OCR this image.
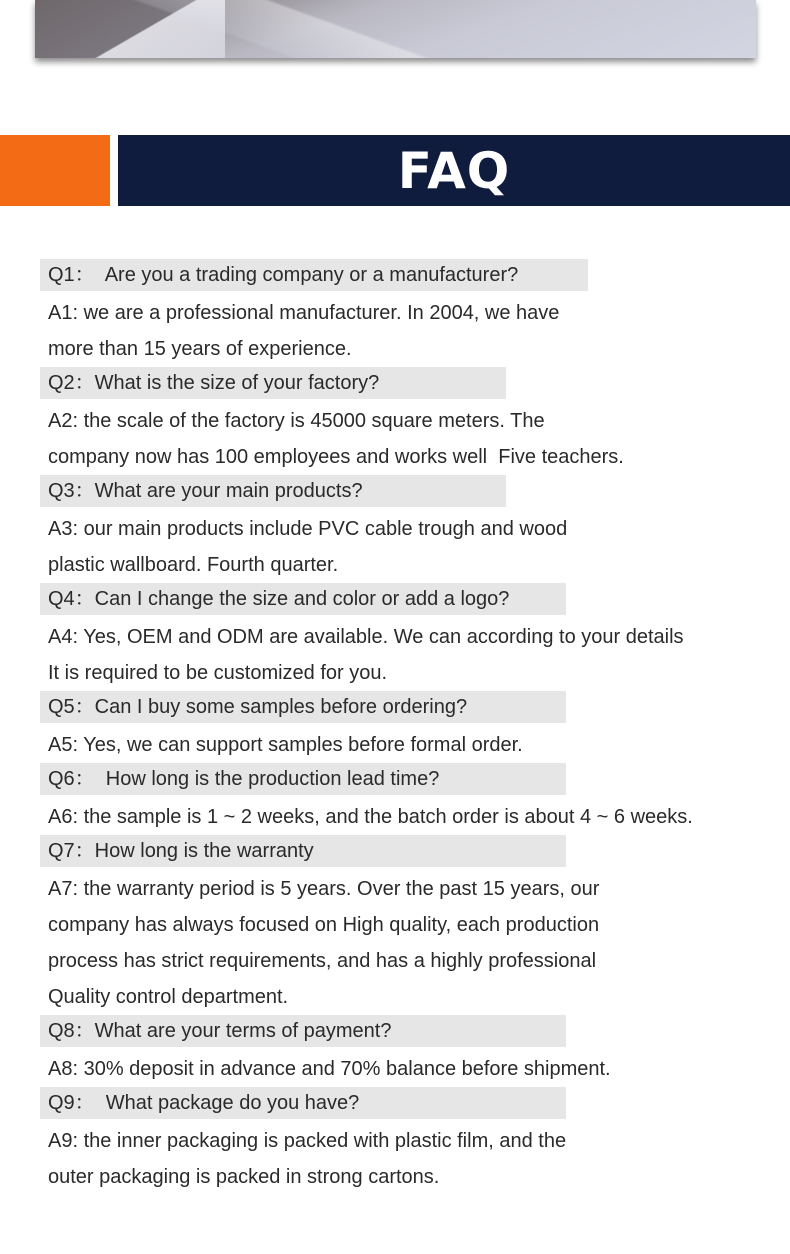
FAQ
Q1：  Are you a trading company or a manufacturer?
A1: we are a professional manufacturer. In 2004, we have
more than 15 years of experience.
Q2：What is the size of your factory?
A2: the scale of the factory is 45000 square meters. The
company now has 100 employees and works well  Five teachers.
Q3：What are your main products?
A3: our main products include PVC cable trough and wood
plastic wallboard. Fourth quarter.
Q4：Can I change the size and color or add a logo?
A4: Yes, OEM and ODM are available. We can according to your details
It is required to be customized for you.
Q5：Can I buy some samples before ordering?
A5: Yes, we can support samples before formal order.
Q6：  How long is the production lead time?
A6: the sample is 1 ~ 2 weeks, and the batch order is about 4 ~ 6 weeks.
Q7：How long is the warranty
A7: the warranty period is 5 years. Over the past 15 years, our
company has always focused on High quality, each production
process has strict requirements, and has a highly professional
Quality control department.
Q8：What are your terms of payment?
A8: 30% deposit in advance and 70% balance before shipment.
Q9：  What package do you have?
A9: the inner packaging is packed with plastic film, and the
outer packaging is packed in strong cartons.
